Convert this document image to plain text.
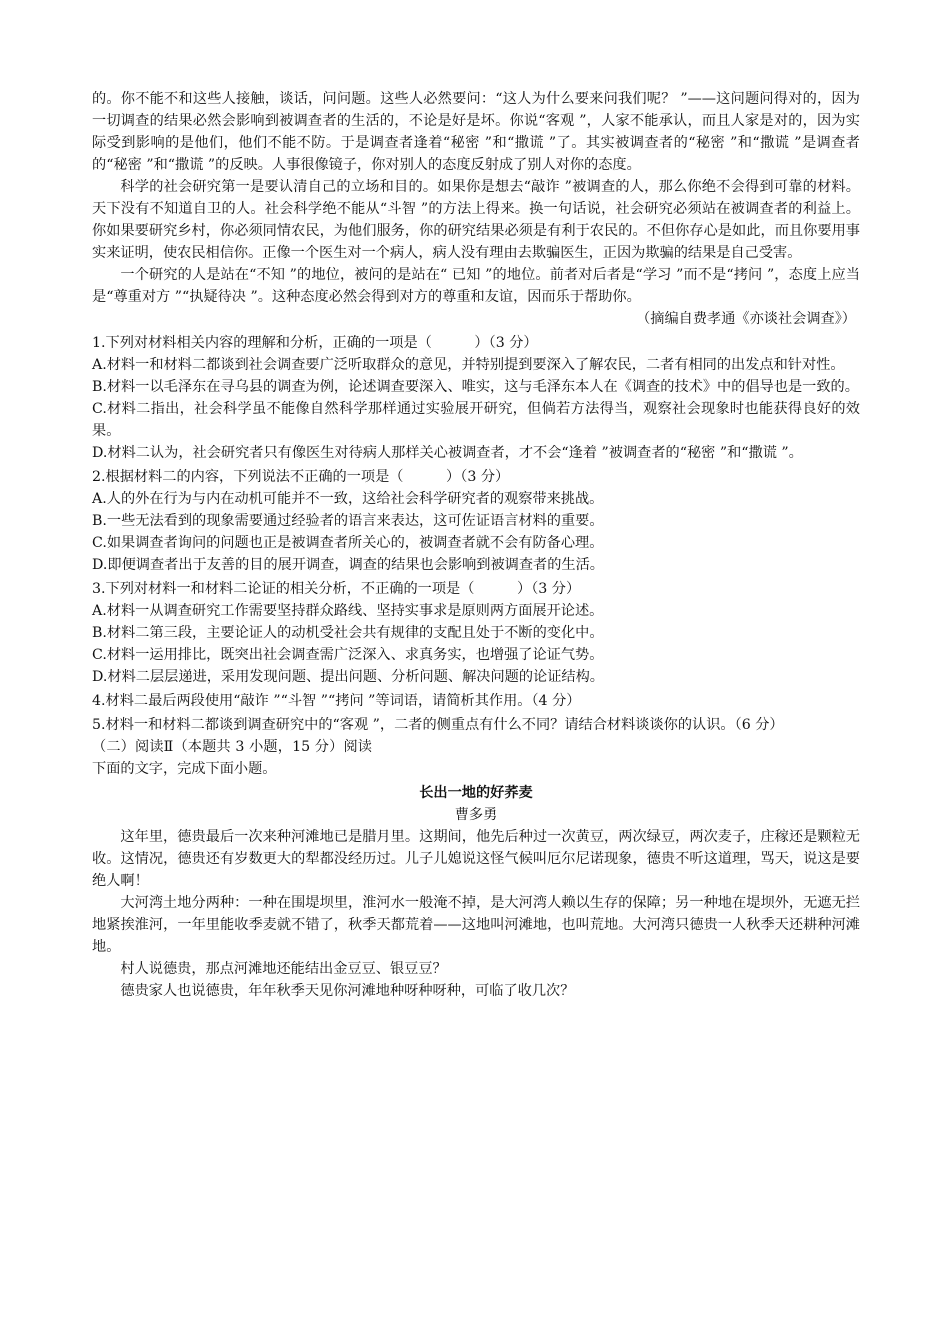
的。你不能不和这些人接触，谈话，问问题。这些人必然要问：“这人为什么要来问我们呢？ ”——这问题问得对的，因为一切调查的结果必然会影响到被调查者的生活的，不论是好是坏。你说“客观 ”，人家不能承认，而且人家是对的，因为实际受到影响的是他们，他们不能不防。于是调查者逢着“秘密 ”和“撒谎 ”了。其实被调查者的“秘密 ”和“撒谎 ”是调查者的“秘密 ”和“撒谎 ”的反映。人事很像镜子，你对别人的态度反射成了别人对你的态度。

科学的社会研究第一是要认清自己的立场和目的。如果你是想去“敲诈 ”被调查的人，那么你绝不会得到可靠的材料。天下没有不知道自卫的人。社会科学绝不能从“斗智 ”的方法上得来。换一句话说，社会研究必须站在被调查者的利益上。你如果要研究乡村，你必须同情农民，为他们服务，你的研究结果必须是有利于农民的。不但你存心是如此，而且你要用事实来证明，使农民相信你。正像一个医生对一个病人，病人没有理由去欺骗医生，正因为欺骗的结果是自己受害。

一个研究的人是站在“不知 ”的地位，被问的是站在“ 已知 ”的地位。前者对后者是“学习 ”而不是“拷问 ”，态度上应当是“尊重对方 ”“执疑待决 ”。这种态度必然会得到对方的尊重和友谊，因而乐于帮助你。

（摘编自费孝通《亦谈社会调查》）

1.下列对材料相关内容的理解和分析，正确的一项是（　　　）（3 分）

A.材料一和材料二都谈到社会调查要广泛听取群众的意见，并特别提到要深入了解农民，二者有相同的出发点和针对性。

B.材料一以毛泽东在寻乌县的调查为例，论述调查要深入、唯实，这与毛泽东本人在《调查的技术》中的倡导也是一致的。

C.材料二指出，社会科学虽不能像自然科学那样通过实验展开研究，但倘若方法得当，观察社会现象时也能获得良好的效果。

D.材料二认为，社会研究者只有像医生对待病人那样关心被调查者，才不会“逢着 ”被调查者的“秘密 ”和“撒谎 ”。

2.根据材料二的内容，下列说法不正确的一项是（　　　）（3 分）

A.人的外在行为与内在动机可能并不一致，这给社会科学研究者的观察带来挑战。

B.一些无法看到的现象需要通过经验者的语言来表达，这可佐证语言材料的重要。

C.如果调查者询问的问题也正是被调查者所关心的，被调查者就不会有防备心理。

D.即便调查者出于友善的目的展开调查，调查的结果也会影响到被调查者的生活。

3.下列对材料一和材料二论证的相关分析，不正确的一项是（　　　）（3 分）

A.材料一从调查研究工作需要坚持群众路线、坚持实事求是原则两方面展开论述。

B.材料二第三段，主要论证人的动机受社会共有规律的支配且处于不断的变化中。

C.材料一运用排比，既突出社会调查需广泛深入、求真务实，也增强了论证气势。

D.材料二层层递进，采用发现问题、提出问题、分析问题、解决问题的论证结构。

4.材料二最后两段使用“敲诈 ”“斗智 ”“拷问 ”等词语，请简析其作用。（4 分）

5.材料一和材料二都谈到调查研究中的“客观 ”，二者的侧重点有什么不同？请结合材料谈谈你的认识。（6 分）

（二）阅读Ⅱ（本题共 3 小题，15 分）阅读下面的文字，完成下面小题。

长出一地的好荞麦

曹多勇

这年里，德贵最后一次来种河滩地已是腊月里。这期间，他先后种过一次黄豆，两次绿豆，两次麦子，庄稼还是颗粒无收。这情况，德贵还有岁数更大的犁都没经历过。儿子儿媳说这怪气候叫厄尔尼诺现象，德贵不听这道理，骂天，说这是要绝人啊！

大河湾土地分两种：一种在围堤坝里，淮河水一般淹不掉，是大河湾人赖以生存的保障；另一种地在堤坝外，无遮无拦地紧挨淮河，一年里能收季麦就不错了，秋季天都荒着——这地叫河滩地，也叫荒地。大河湾只德贵一人秋季天还耕种河滩地。

村人说德贵，那点河滩地还能结出金豆豆、银豆豆？

德贵家人也说德贵，年年秋季天见你河滩地种呀种呀种，可临了收几次？
